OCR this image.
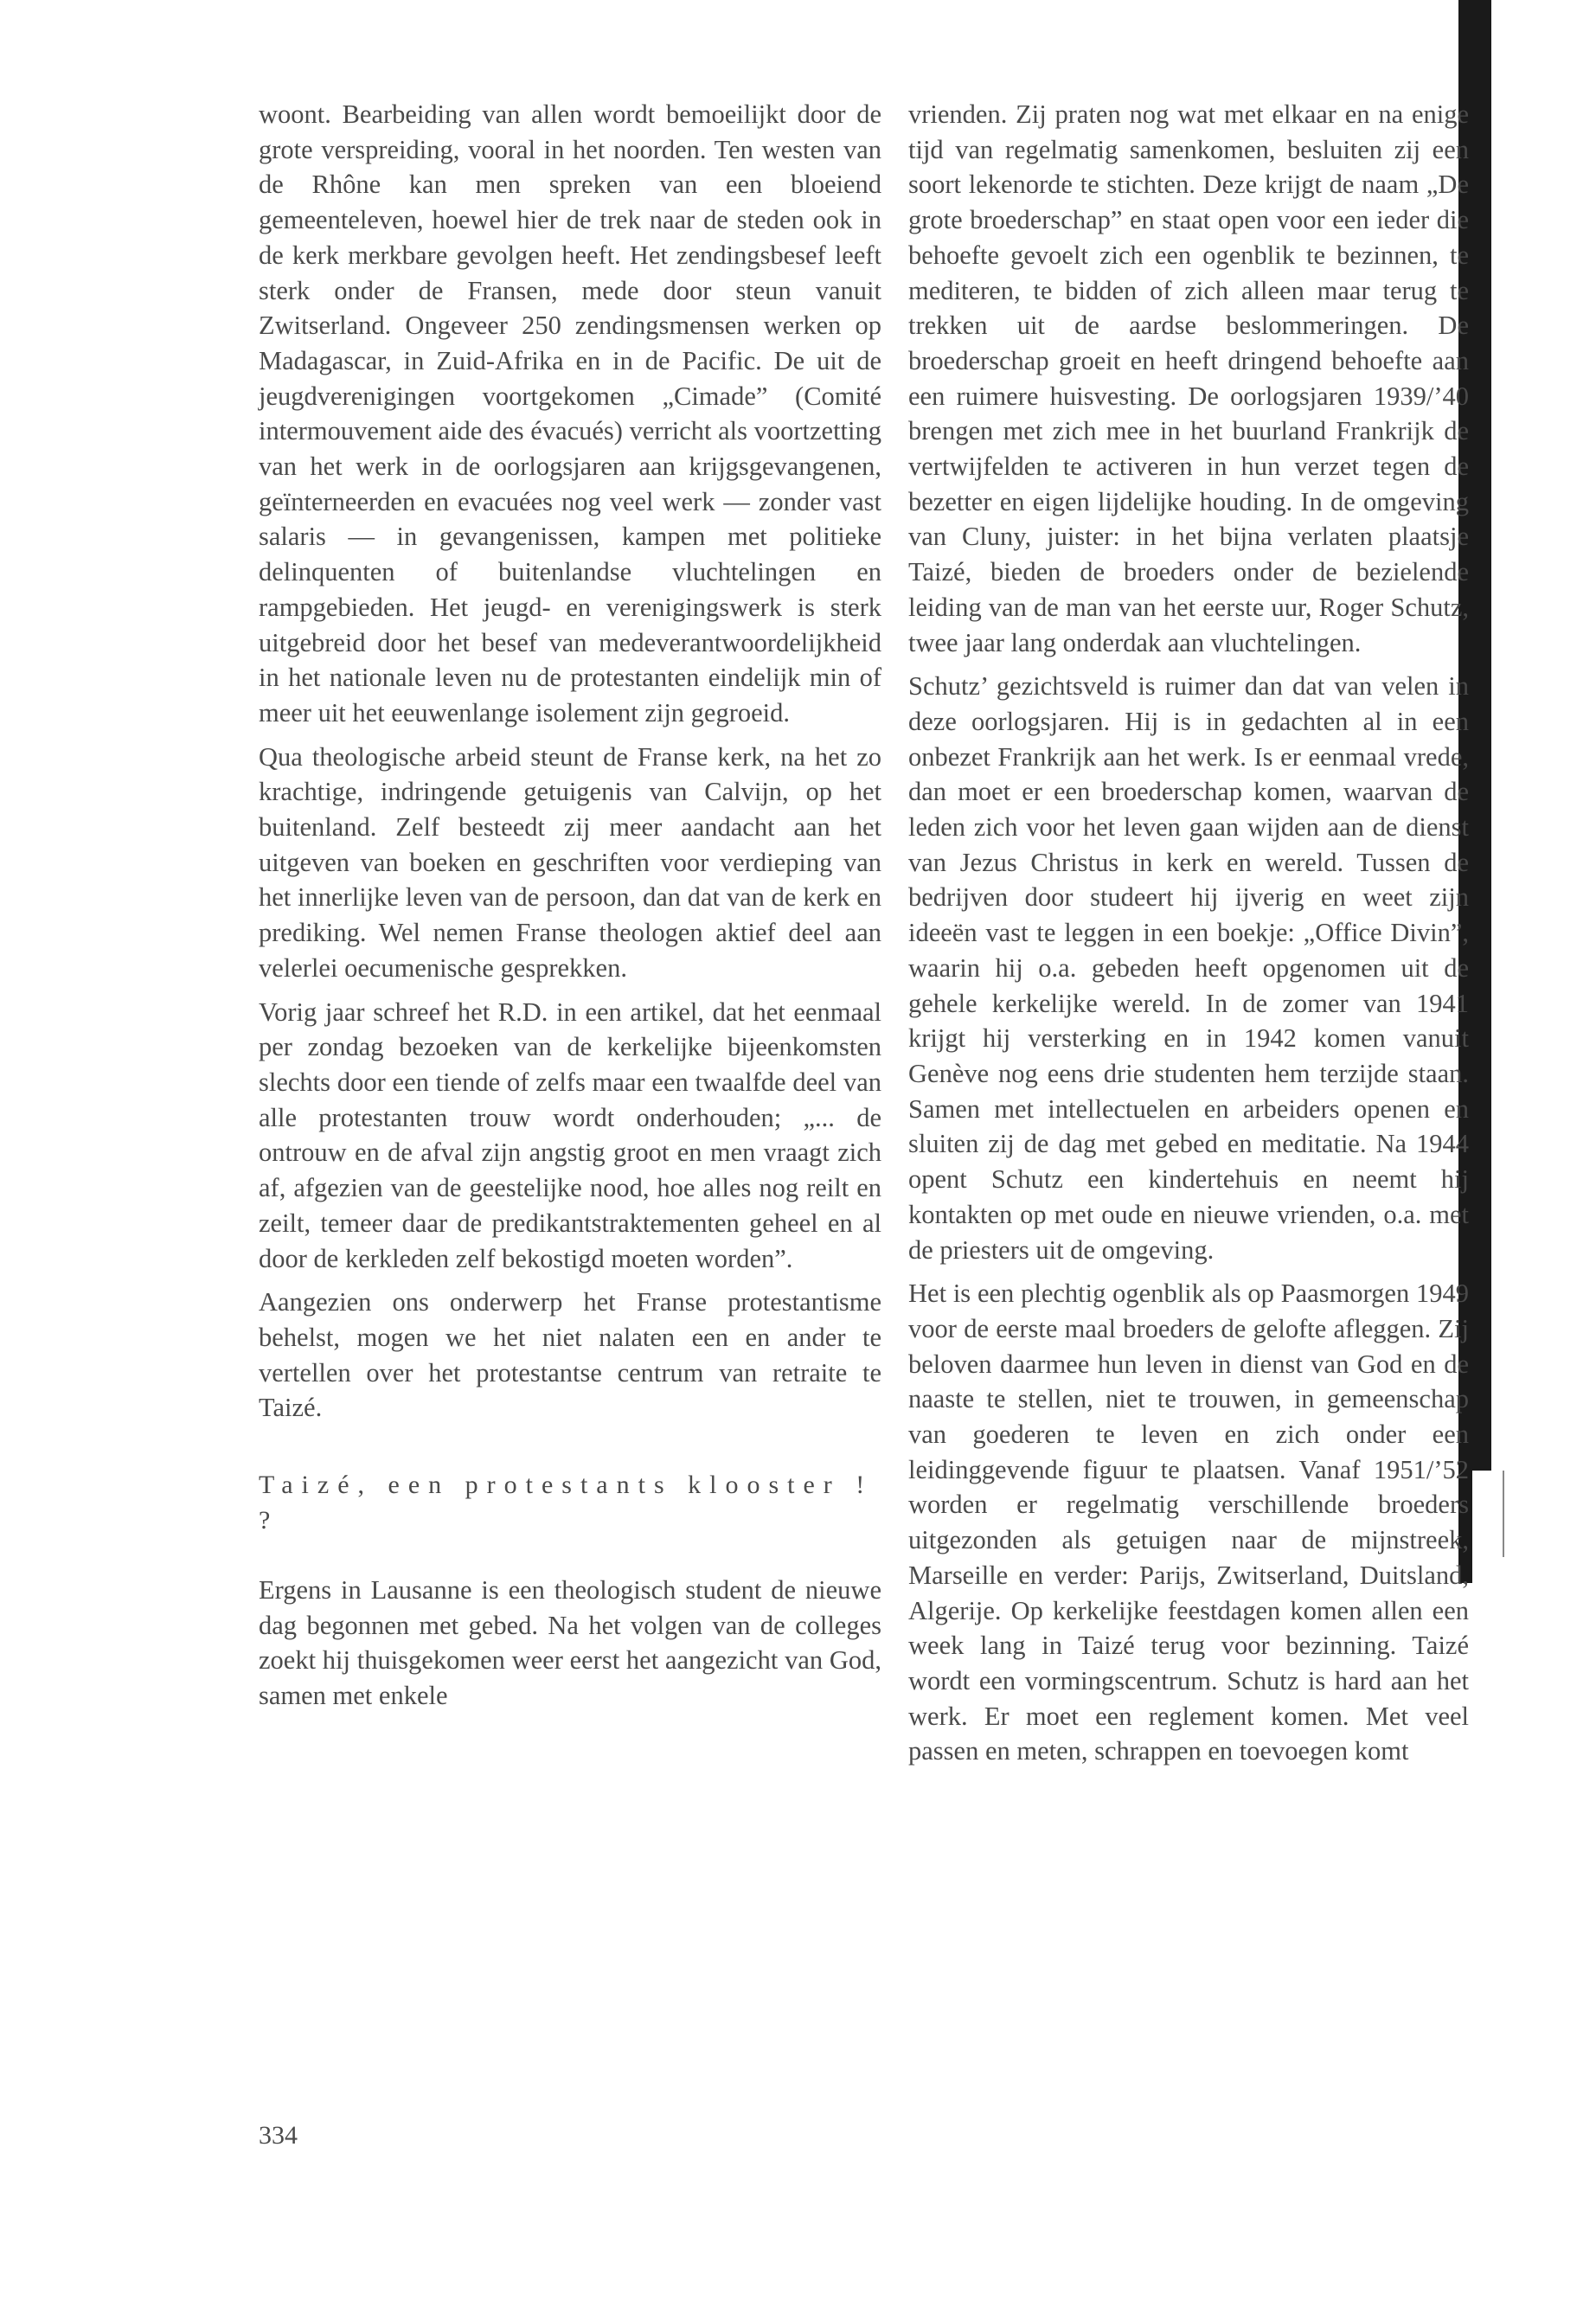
woont. Bearbeiding van allen wordt bemoeilijkt door de grote verspreiding, vooral in het noorden. Ten westen van de Rhône kan men spreken van een bloeiend gemeenteleven, hoewel hier de trek naar de steden ook in de kerk merkbare gevolgen heeft. Het zendingsbesef leeft sterk onder de Fransen, mede door steun vanuit Zwitserland. Ongeveer 250 zendingsmensen werken op Madagascar, in Zuid-Afrika en in de Pacific. De uit de jeugdverenigingen voortgekomen „Cimade” (Comité intermouvement aide des évacués) verricht als voortzetting van het werk in de oorlogsjaren aan krijgsgevangenen, geïnterneerden en evacuées nog veel werk — zonder vast salaris — in gevangenissen, kampen met politieke delinquenten of buitenlandse vluchtelingen en rampgebieden. Het jeugd- en verenigingswerk is sterk uitgebreid door het besef van medeverantwoordelijkheid in het nationale leven nu de protestanten eindelijk min of meer uit het eeuwenlange isolement zijn gegroeid.

Qua theologische arbeid steunt de Franse kerk, na het zo krachtige, indringende getuigenis van Calvijn, op het buitenland. Zelf besteedt zij meer aandacht aan het uitgeven van boeken en geschriften voor verdieping van het innerlijke leven van de persoon, dan dat van de kerk en prediking. Wel nemen Franse theologen aktief deel aan velerlei oecumenische gesprekken.

Vorig jaar schreef het R.D. in een artikel, dat het eenmaal per zondag bezoeken van de kerkelijke bijeenkomsten slechts door een tiende of zelfs maar een twaalfde deel van alle protestanten trouw wordt onderhouden; „... de ontrouw en de afval zijn angstig groot en men vraagt zich af, afgezien van de geestelijke nood, hoe alles nog reilt en zeilt, temeer daar de predikantstraktementen geheel en al door de kerkleden zelf bekostigd moeten worden”.

Aangezien ons onderwerp het Franse protestantisme behelst, mogen we het niet nalaten een en ander te vertellen over het protestantse centrum van retraite te Taizé.

Taizé, een protestants klooster ! ?

Ergens in Lausanne is een theologisch student de nieuwe dag begonnen met gebed. Na het volgen van de colleges zoekt hij thuisgekomen weer eerst het aangezicht van God, samen met enkele

vrienden. Zij praten nog wat met elkaar en na enige tijd van regelmatig samenkomen, besluiten zij een soort lekenorde te stichten. Deze krijgt de naam „De grote broederschap” en staat open voor een ieder die behoefte gevoelt zich een ogenblik te bezinnen, te mediteren, te bidden of zich alleen maar terug te trekken uit de aardse beslommeringen. De broederschap groeit en heeft dringend behoefte aan een ruimere huisvesting. De oorlogsjaren 1939/’40 brengen met zich mee in het buurland Frankrijk de vertwijfelden te activeren in hun verzet tegen de bezetter en eigen lijdelijke houding. In de omgeving van Cluny, juister: in het bijna verlaten plaatsje Taizé, bieden de broeders onder de bezielende leiding van de man van het eerste uur, Roger Schutz, twee jaar lang onderdak aan vluchtelingen.

Schutz’ gezichtsveld is ruimer dan dat van velen in deze oorlogsjaren. Hij is in gedachten al in een onbezet Frankrijk aan het werk. Is er eenmaal vrede, dan moet er een broederschap komen, waarvan de leden zich voor het leven gaan wijden aan de dienst van Jezus Christus in kerk en wereld. Tussen de bedrijven door studeert hij ijverig en weet zijn ideeën vast te leggen in een boekje: „Office Divin”, waarin hij o.a. gebeden heeft opgenomen uit de gehele kerkelijke wereld. In de zomer van 1941 krijgt hij versterking en in 1942 komen vanuit Genève nog eens drie studenten hem terzijde staan. Samen met intellectuelen en arbeiders openen en sluiten zij de dag met gebed en meditatie. Na 1944 opent Schutz een kindertehuis en neemt hij kontakten op met oude en nieuwe vrienden, o.a. met de priesters uit de omgeving.

Het is een plechtig ogenblik als op Paasmorgen 1949 voor de eerste maal broeders de gelofte afleggen. Zij beloven daarmee hun leven in dienst van God en de naaste te stellen, niet te trouwen, in gemeenschap van goederen te leven en zich onder een leidinggevende figuur te plaatsen. Vanaf 1951/’52 worden er regelmatig verschillende broeders uitgezonden als getuigen naar de mijnstreek, Marseille en verder: Parijs, Zwitserland, Duitsland, Algerije. Op kerkelijke feestdagen komen allen een week lang in Taizé terug voor bezinning. Taizé wordt een vormingscentrum. Schutz is hard aan het werk. Er moet een reglement komen. Met veel passen en meten, schrappen en toevoegen komt

334
